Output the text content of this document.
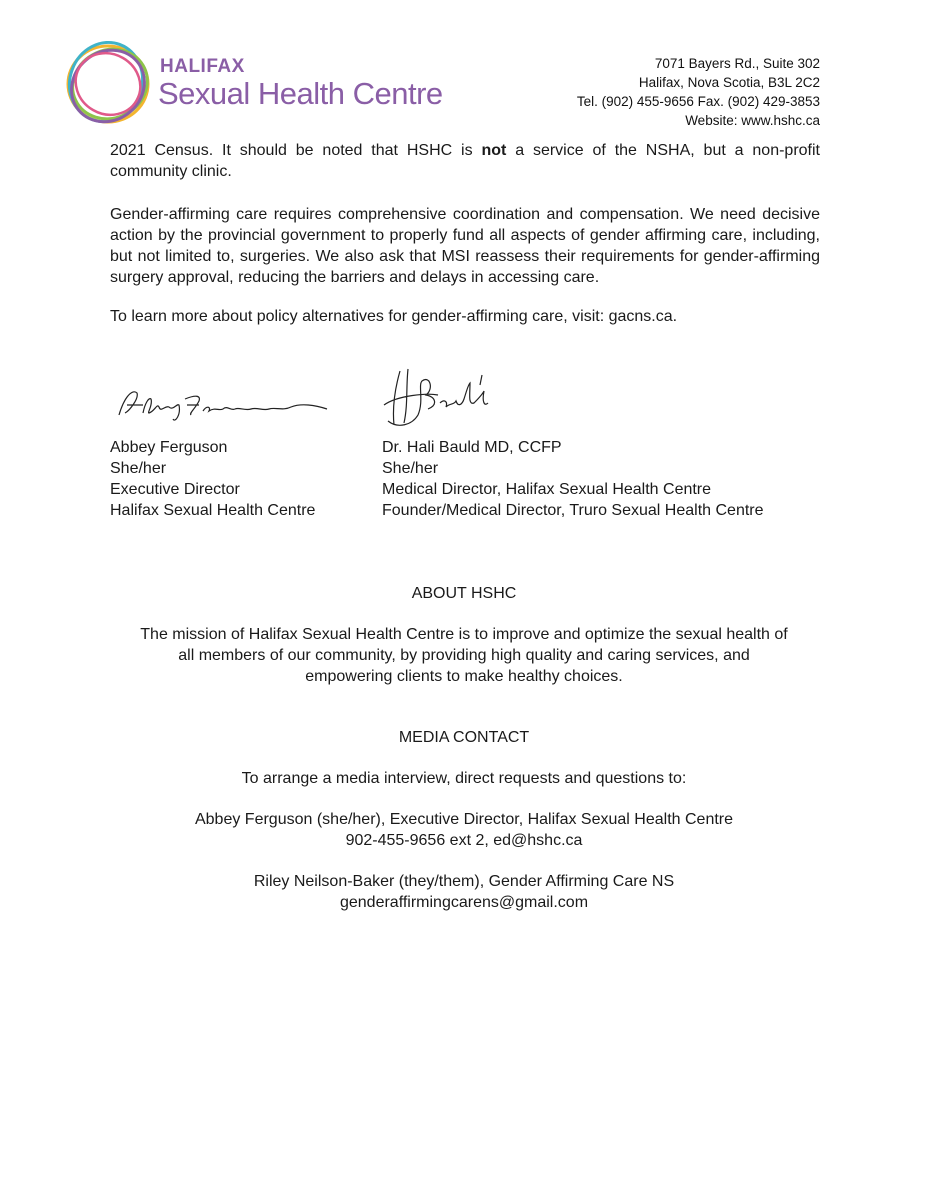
HALIFAX
Sexual Health Centre
7071 Bayers Rd., Suite 302
Halifax, Nova Scotia, B3L 2C2
Tel. (902) 455-9656 Fax. (902) 429-3853
Website: www.hshc.ca
2021 Census. It should be noted that HSHC is not a service of the NSHA, but a non-profit community clinic.
Gender-affirming care requires comprehensive coordination and compensation. We need decisive action by the provincial government to properly fund all aspects of gender affirming care, including, but not limited to, surgeries. We also ask that MSI reassess their requirements for gender-affirming surgery approval, reducing the barriers and delays in accessing care.
To learn more about policy alternatives for gender-affirming care, visit: gacns.ca.
Abbey Ferguson
She/her
Executive Director
Halifax Sexual Health Centre
Dr. Hali Bauld MD, CCFP
She/her
Medical Director, Halifax Sexual Health Centre
Founder/Medical Director, Truro Sexual Health Centre
ABOUT HSHC
The mission of Halifax Sexual Health Centre is to improve and optimize the sexual health of
all members of our community, by providing high quality and caring services, and
empowering clients to make healthy choices.
MEDIA CONTACT
To arrange a media interview, direct requests and questions to:
Abbey Ferguson (she/her), Executive Director, Halifax Sexual Health Centre
902-455-9656 ext 2, ed@hshc.ca
Riley Neilson-Baker (they/them), Gender Affirming Care NS
genderaffirmingcarens@gmail.com
